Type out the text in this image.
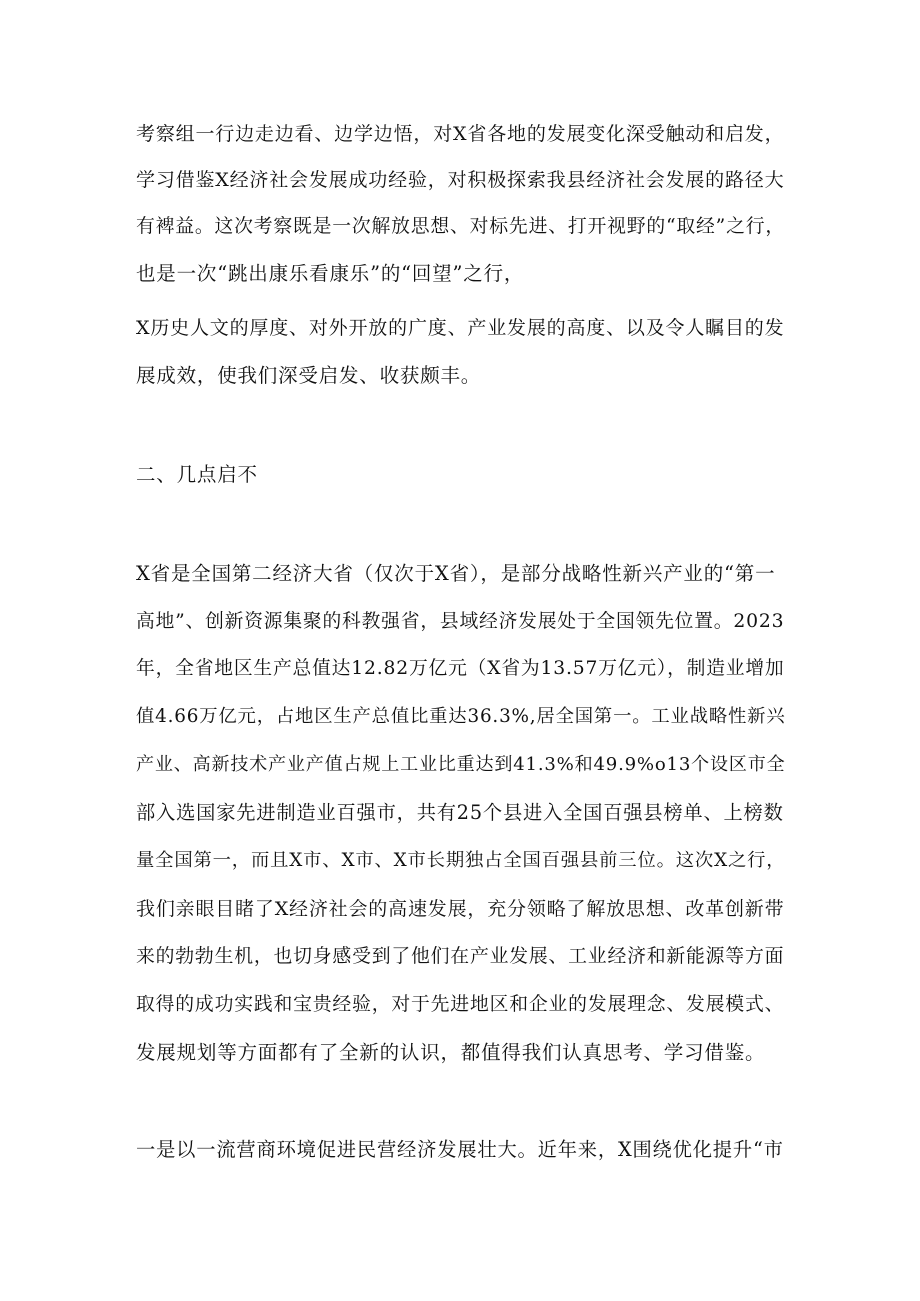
考察组一行边走边看、边学边悟，对X省各地的发展变化深受触动和启发，
学习借鉴X经济社会发展成功经验，对积极探索我县经济社会发展的路径大
有裨益。这次考察既是一次解放思想、对标先进、打开视野的“取经”之行，
也是一次“跳出康乐看康乐”的“回望”之行，
X历史人文的厚度、对外开放的广度、产业发展的高度、以及令人瞩目的发
展成效，使我们深受启发、收获颇丰。
二、几点启不
X省是全国第二经济大省（仅次于X省），是部分战略性新兴产业的“第一
高地”、创新资源集聚的科教强省，县域经济发展处于全国领先位置。2023
年，全省地区生产总值达12.82万亿元（X省为13.57万亿元），制造业增加
值4.66万亿元，占地区生产总值比重达36.3%,居全国第一。工业战略性新兴
产业、高新技术产业产值占规上工业比重达到41.3%和49.9%o13个设区市全
部入选国家先进制造业百强市，共有25个县进入全国百强县榜单、上榜数
量全国第一，而且X市、X市、X市长期独占全国百强县前三位。这次X之行，
我们亲眼目睹了X经济社会的高速发展，充分领略了解放思想、改革创新带
来的勃勃生机，也切身感受到了他们在产业发展、工业经济和新能源等方面
取得的成功实践和宝贵经验，对于先进地区和企业的发展理念、发展模式、
发展规划等方面都有了全新的认识，都值得我们认真思考、学习借鉴。
一是以一流营商环境促进民营经济发展壮大。近年来，X围绕优化提升“市
